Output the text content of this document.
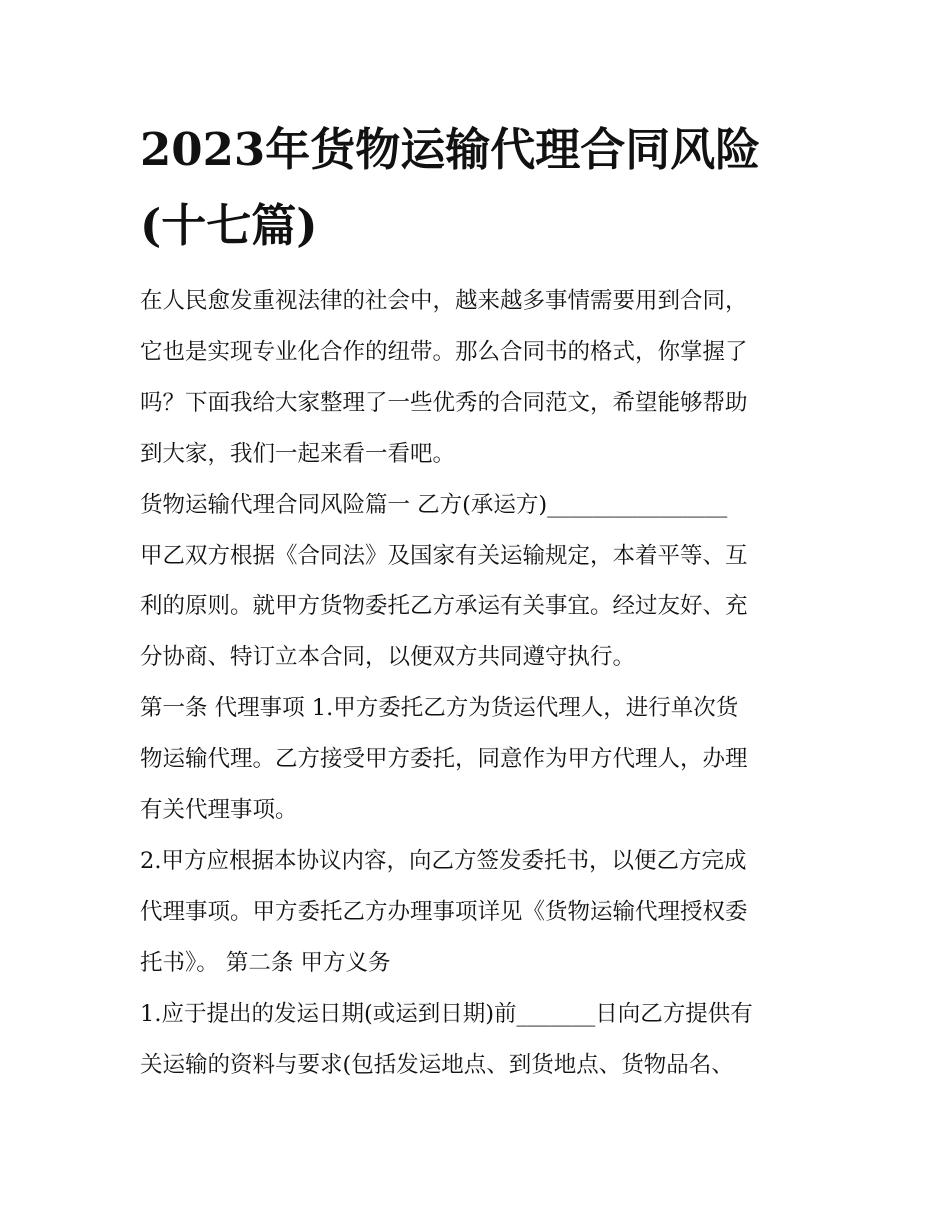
2023年货物运输代理合同风险
(十七篇)
在人民愈发重视法律的社会中，越来越多事情需要用到合同，
它也是实现专业化合作的纽带。那么合同书的格式，你掌握了
吗？下面我给大家整理了一些优秀的合同范文，希望能够帮助
到大家，我们一起来看一看吧。
货物运输代理合同风险篇一 乙方(承运方)________________
甲乙双方根据《合同法》及国家有关运输规定，本着平等、互
利的原则。就甲方货物委托乙方承运有关事宜。经过友好、充
分协商、特订立本合同，以便双方共同遵守执行。
第一条 代理事项 1.甲方委托乙方为货运代理人，进行单次货
物运输代理。乙方接受甲方委托，同意作为甲方代理人，办理
有关代理事项。
2.甲方应根据本协议内容，向乙方签发委托书，以便乙方完成
代理事项。甲方委托乙方办理事项详见《货物运输代理授权委
托书》。 第二条 甲方义务
1.应于提出的发运日期(或运到日期)前_______日向乙方提供有
关运输的资料与要求(包括发运地点、到货地点、货物品名、
